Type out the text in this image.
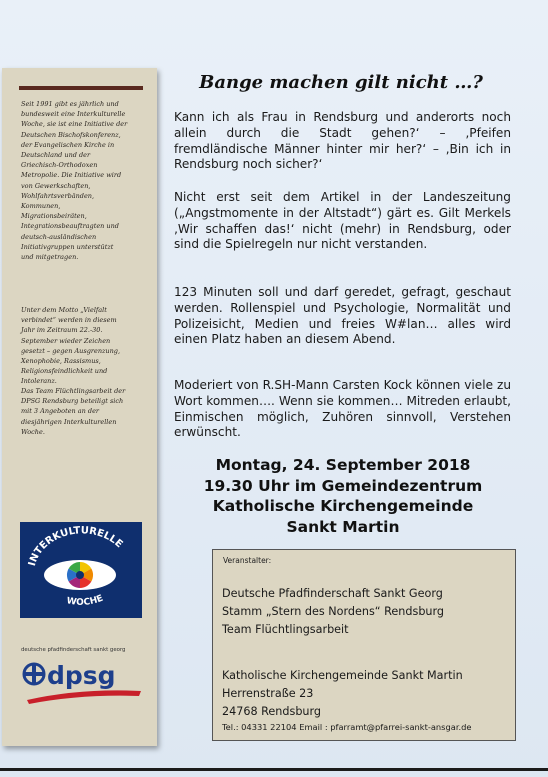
Seit 1991 gibt es jährlich und
bundesweit eine Interkulturelle
Woche, sie ist eine Initiative der
Deutschen Bischofskonferenz,
der Evangelischen Kirche in
Deutschland und der
Griechisch-Orthodoxen
Metropolie. Die Initiative wird
von Gewerkschaften,
Wohlfahrtsverbänden,
Kommunen,
Migrationsbeiräten,
Integrationsbeauftragten und
deutsch-ausländischen
Initiativgruppen unterstützt
und mitgetragen.
Unter dem Motto „Vielfalt
verbindet“ werden in diesem
Jahr im Zeitraum 22.-30.
September wieder Zeichen
gesetzt – gegen Ausgrenzung,
Xenophobie, Rassismus,
Religionsfeindlichkeit und
Intoleranz.
Das Team Flüchtlingsarbeit der
DPSG Rendsburg beteiligt sich
mit 3 Angeboten an der
diesjährigen Interkulturellen
Woche.
INTERKULTURELLE
WOCHE
deutsche pfadfinderschaft sankt georg
dpsg
Bange machen gilt nicht …?

Kann ich als Frau in Rendsburg und anderorts noch allein durch die Stadt gehen?‘ – ‚Pfeifen fremdländische Männer hinter mir her?‘ – ‚Bin ich in Rendsburg noch sicher?‘

Nicht erst seit dem Artikel in der Landeszeitung („Angstmomente in der Altstadt“) gärt es. Gilt Merkels ‚Wir schaffen das!‘ nicht (mehr) in Rendsburg, oder sind die Spielregeln nur nicht verstanden.

123 Minuten soll und darf geredet, gefragt, geschaut werden. Rollenspiel und Psychologie, Normalität und Polizeisicht, Medien und freies W#lan… alles wird einen Platz haben an diesem Abend.

Moderiert von R.SH-Mann Carsten Kock können viele zu Wort kommen…. Wenn sie kommen… Mitreden erlaubt, Einmischen möglich, Zuhören sinnvoll, Verstehen erwünscht.

Montag, 24. September 2018
19.30 Uhr im Gemeindezentrum
Katholische Kirchengemeinde
Sankt Martin
Veranstalter:
Deutsche Pfadfinderschaft Sankt Georg
Stamm „Stern des Nordens“ Rendsburg
Team Flüchtlingsarbeit
Katholische Kirchengemeinde Sankt Martin
Herrenstraße 23
24768 Rendsburg
Tel.: 04331 22104 Email : pfarramt@pfarrei-sankt-ansgar.de
